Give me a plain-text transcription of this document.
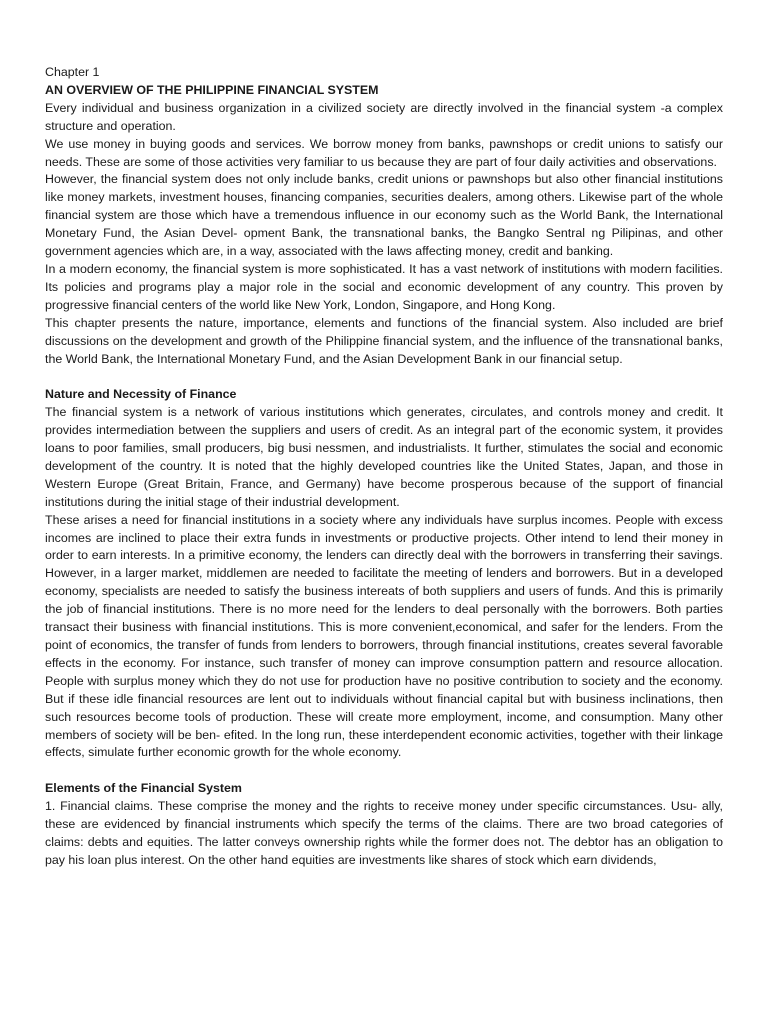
Chapter 1

AN OVERVIEW OF THE PHILIPPINE FINANCIAL SYSTEM

Every individual and business organization in a civilized society are directly involved in the financial system -a complex structure and operation.

We use money in buying goods and services. We borrow money from banks, pawnshops or credit unions to satisfy our needs. These are some of those activities very familiar to us because they are part of four daily activities and observations.

However, the financial system does not only include banks, credit unions or pawnshops but also other financial institutions like money markets, investment houses, financing companies, securities dealers, among others. Likewise part of the whole financial system are those which have a tremendous influence in our economy such as the World Bank, the International Monetary Fund, the Asian Devel- opment Bank, the transnational banks, the Bangko Sentral ng Pilipinas, and other government agencies which are, in a way, associated with the laws affecting money, credit and banking.

In a modern economy, the financial system is more sophisticated. It has a vast network of institutions with modern facilities. Its policies and programs play a major role in the social and economic development of any country. This proven by progressive financial centers of the world like New York, London, Singapore, and Hong Kong.

This chapter presents the nature, importance, elements and functions of the financial system. Also included are brief discussions on the development and growth of the Philippine financial system, and the influence of the transnational banks, the World Bank, the International Monetary Fund, and the Asian Development Bank in our financial setup.

Nature and Necessity of Finance

The financial system is a network of various institutions which generates, circulates, and controls money and credit. It provides intermediation between the suppliers and users of credit. As an integral part of the economic system, it provides loans to poor families, small producers, big busi nessmen, and industrialists. It further, stimulates the social and economic development of the country. It is noted that the highly developed countries like the United States, Japan, and those in Western Europe (Great Britain, France, and Germany) have become prosperous because of the support of financial institutions during the initial stage of their industrial development.

These arises a need for financial institutions in a society where any individuals have surplus incomes. People with excess incomes are inclined to place their extra funds in investments or productive projects. Other intend to lend their money in order to earn interests. In a primitive economy, the lenders can directly deal with the borrowers in transferring their savings. However, in a larger market, middlemen are needed to facilitate the meeting of lenders and borrowers. But in a developed economy, specialists are needed to satisfy the business intereats of both suppliers and users of funds. And this is primarily the job of financial institutions. There is no more need for the lenders to deal personally with the borrowers. Both parties transact their business with financial institutions. This is more convenient,economical, and safer for the lenders. From the point of economics, the transfer of funds from lenders to borrowers, through financial institutions, creates several favorable effects in the economy. For instance, such transfer of money can improve consumption pattern and resource allocation. People with surplus money which they do not use for production have no positive contribution to society and the economy. But if these idle financial resources are lent out to individuals without financial capital but with business inclinations, then such resources become tools of production. These will create more employment, income, and consumption. Many other members of society will be ben- efited. In the long run, these interdependent economic activities, together with their linkage effects, simulate further economic growth for the whole economy.

Elements of the Financial System

1. Financial claims. These comprise the money and the rights to receive money under specific circumstances. Usu- ally, these are evidenced by financial instruments which specify the terms of the claims. There are two broad categories of claims: debts and equities. The latter conveys ownership rights while the former does not. The debtor has an obligation to pay his loan plus interest. On the other hand equities are investments like shares of stock which earn dividends,
